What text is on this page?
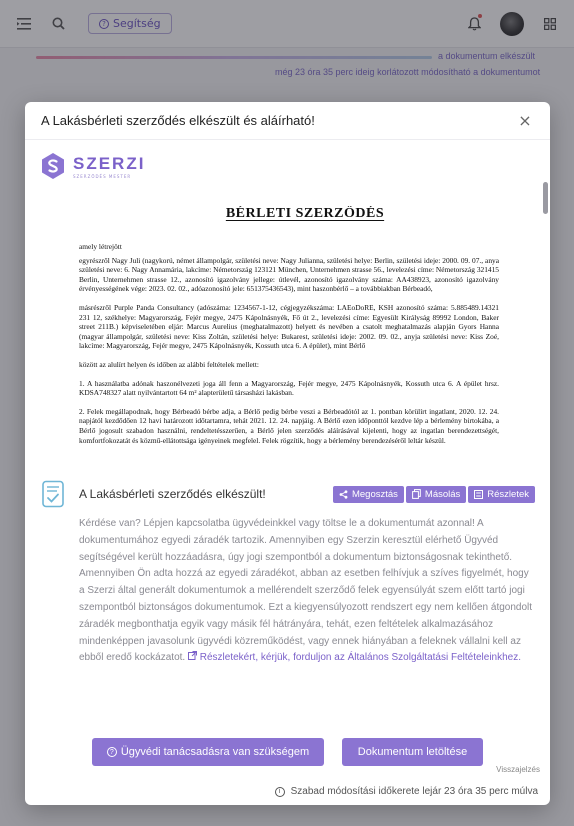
? Segítség
a dokumentum elkészült
még 23 óra 35 perc ideig korlátozott módosítható a dokumentumot
A Lakásbérleti szerződés elkészült és aláírható!	×
SZERZI
SZERZŐDÉS MESTER
BÉRLETI SZERZŐDÉS

amely létrejött

egyrészről Nagy Juli (nagykorú, német állampolgár, születési neve: Nagy Julianna, születési helye: Berlin, születési ideje: 2000. 09. 07., anya születési neve: 6. Nagy Annamária, lakcíme: Németország 123121 München, Unternehmen strasse 56., levelezési címe: Németország 321415 Berlin, Unternehmen strasse 12., azonosító igazolvány jellege: útlevél, azonosító igazolvány száma: AA438923, azonosító igazolvány érvényességének vége: 2023. 02. 02., adóazonosító jele: 651375436543), mint haszonbérlő – a továbbiakban Bérbeadó,

másrészről Purple Panda Consultancy (adószáma: 1234567-1-12, cégjegyzékszáma: LAEoDoRE, KSH azonosító száma: 5.885489.14321 231 12, székhelye: Magyarország, Fejér megye, 2475 Kápolnásnyék, Fő út 2., levelezési címe: Egyesült Királyság 89992 London, Baker street 211B.) képviseletében eljár: Marcus Aurelius (meghatalmazott) helyett és nevében a csatolt meghatalmazás alapján Gyors Hanna (magyar állampolgár, születési neve: Kiss Zoltán, születési helye: Bukarest, születési ideje: 2002. 09. 02., anyja születési neve: Kiss Zoé, lakcíme: Magyarország, Fejér megye, 2475 Kápolnásnyék, Kossuth utca 6. A épület), mint Bérlő

között az alulírt helyen és időben az alábbi feltételek mellett:

1. A használatba adónak haszonélvezeti joga áll fenn a Magyarország, Fejér megye, 2475 Kápolnásnyék, Kossuth utca 6. A épület hrsz. KDSA748327 alatt nyilvántartott 64 m² alapterületű társasházi lakásban.

2. Felek megállapodnak, hogy Bérbeadó bérbe adja, a Bérlő pedig bérbe veszi a Bérbeadótól az 1. pontban körülírt ingatlant, 2020. 12. 24. napjától kezdődően 12 havi határozott időtartamra, tehát 2021. 12. 24. napjáig. A Bérlő ezen időponttól kezdve lép a bérlemény birtokába, a Bérlő jogosult szabadon használni, rendeltetésszerűen, a Bérlő jelen szerződés aláírásával kijelenti, hogy az ingatlan berendezettségét, komfortfokozatát és közmű-ellátottsága igényeinek megfelel. Felek rögzítik, hogy a bérlemény berendezéséről leltár készül.

A Lakásbérleti szerződés elkészült!	Megosztás	Másolás	Részletek
Kérdése van? Lépjen kapcsolatba ügyvédeinkkel vagy töltse le a dokumentumát azonnal! A dokumentumához egyedi záradék tartozik. Amennyiben egy Szerzin keresztül elérhető Ügyvéd segítségével került hozzáadásra, úgy jogi szempontból a dokumentum biztonságosnak tekinthető. Amennyiben Ön adta hozzá az egyedi záradékot, abban az esetben felhívjuk a szíves figyelmét, hogy a Szerzi által generált dokumentumok a mellérendelt szerződő felek egyensúlyát szem előtt tartó jogi szempontból biztonságos dokumentumok. Ezt a kiegyensúlyozott rendszert egy nem kellően átgondolt záradék megbonthatja egyik vagy másik fél hátrányára, tehát, ezen feltételek alkalmazásához mindenképpen javasolunk ügyvédi közreműködést, vagy ennek hiányában a feleknek vállalni kell az ebből eredő kockázatot. Részletekért, kérjük, forduljon az Általános Szolgáltatási Feltételeinkhez.
? Ügyvédi tanácsadásra van szükségem	Dokumentum letöltése
Visszajelzés
i	Szabad módosítási időkerete lejár 23 óra 35 perc múlva
